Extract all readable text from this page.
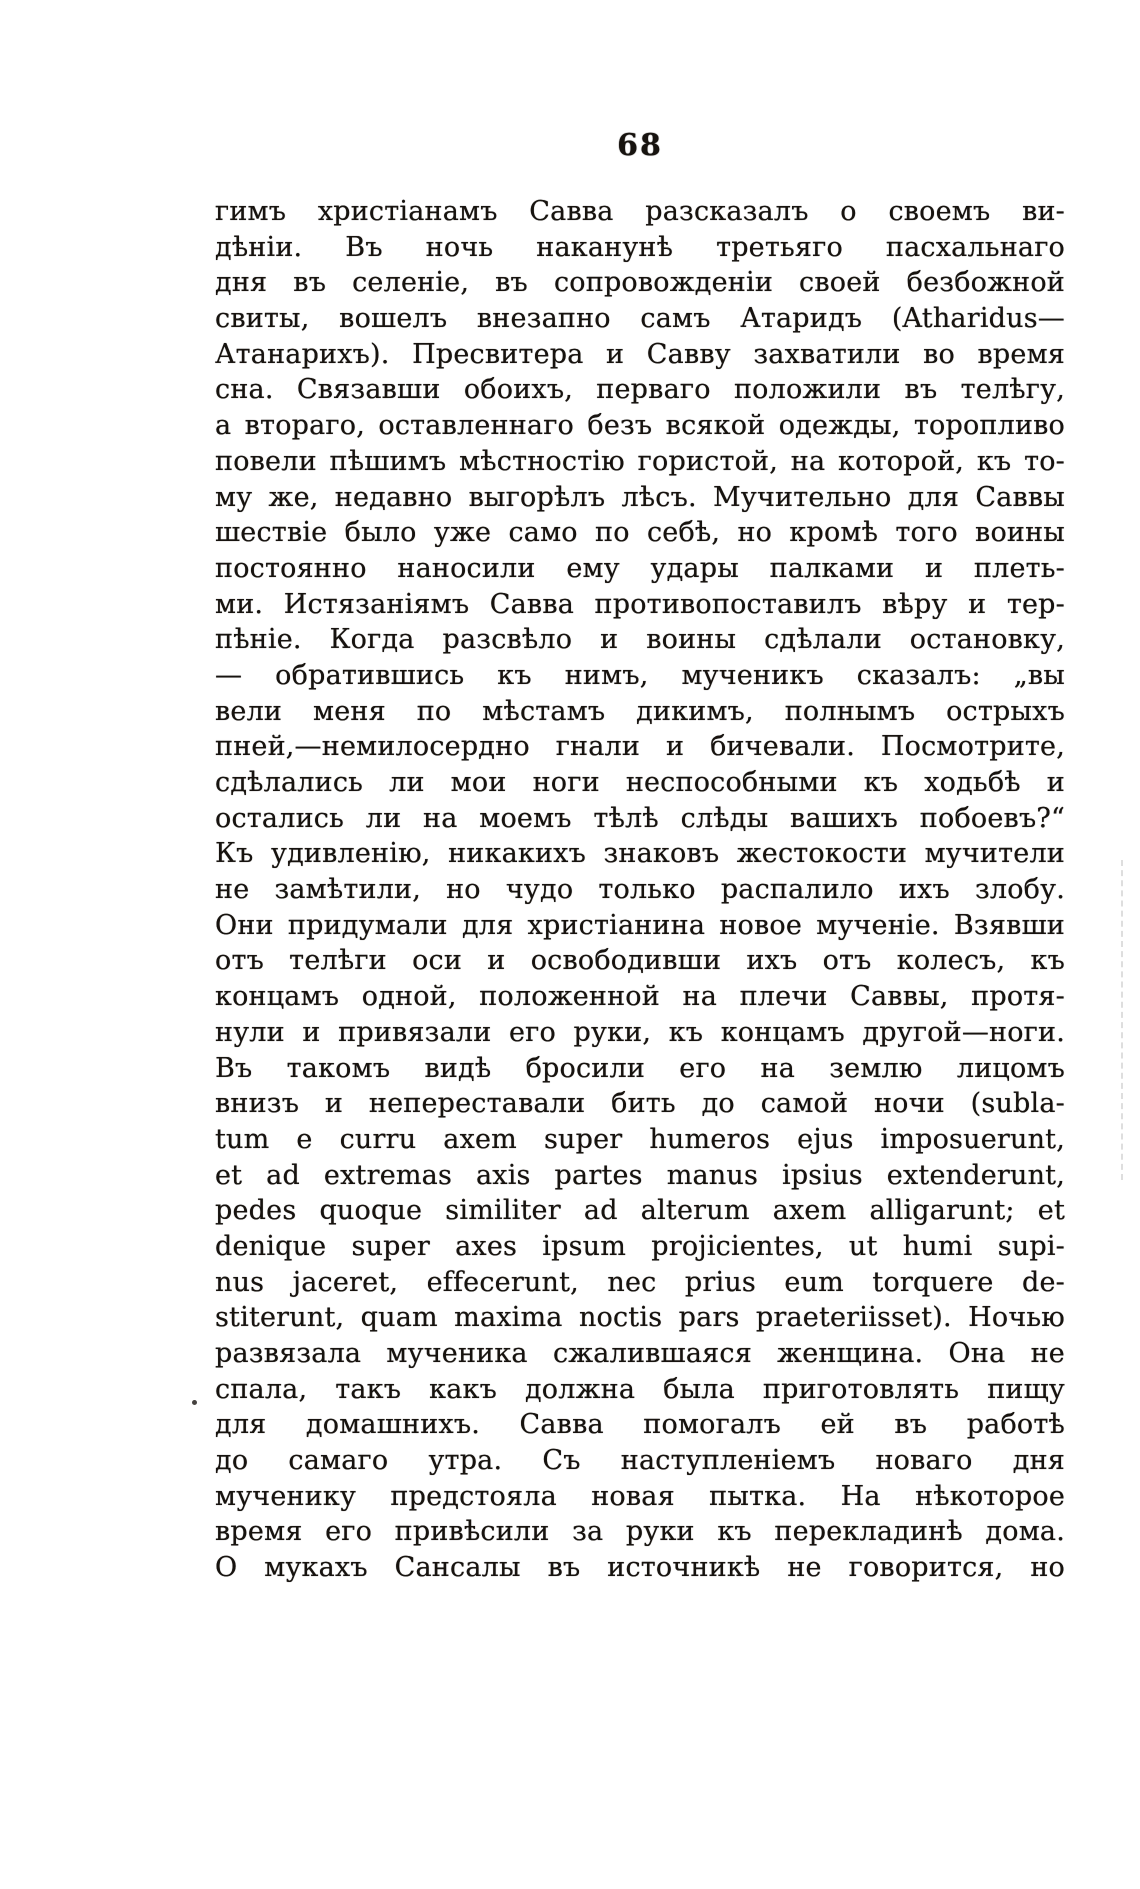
68
гимъ христіанамъ Савва разсказалъ о своемъ ви-
дѣніи. Въ ночь наканунѣ третьяго пасхальнаго
дня въ селеніе, въ сопровожденіи своей безбожной
свиты, вошелъ внезапно самъ Атаридъ (Atharidus—
Атанарихъ). Пресвитера и Савву захватили во время
сна. Связавши обоихъ, перваго положили въ телѣгу,
а втораго, оставленнаго безъ всякой одежды, торопливо
повели пѣшимъ мѣстностію гористой, на которой, къ то-
му же, недавно выгорѣлъ лѣсъ. Мучительно для Саввы
шествіе было уже само по себѣ, но кромѣ того воины
постоянно наносили ему удары палками и плеть-
ми. Истязаніямъ Савва противопоставилъ вѣру и тер-
пѣніе. Когда разсвѣло и воины сдѣлали остановку,
— обратившись къ нимъ, мученикъ сказалъ: „вы
вели меня по мѣстамъ дикимъ, полнымъ острыхъ
пней,—немилосердно гнали и бичевали. Посмотрите,
сдѣлались ли мои ноги неспособными къ ходьбѣ и
остались ли на моемъ тѣлѣ слѣды вашихъ побоевъ?“
Къ удивленію, никакихъ знаковъ жестокости мучители
не замѣтили, но чудо только распалило ихъ злобу.
Они придумали для христіанина новое мученіе. Взявши
отъ телѣги оси и освободивши ихъ отъ колесъ, къ
концамъ одной, положенной на плечи Саввы, протя-
нули и привязали его руки, къ концамъ другой—ноги.
Въ такомъ видѣ бросили его на землю лицомъ
внизъ и непереставали бить до самой ночи (subla-
tum e curru axem super humeros ejus imposuerunt,
et ad extremas axis partes manus ipsius extenderunt,
pedes quoque similiter ad alterum axem alligarunt; et
denique super axes ipsum projicientes, ut humi supi-
nus jaceret, effecerunt, nec prius eum torquere de-
stiterunt, quam maxima noctis pars praeteriisset). Ночью
развязала мученика сжалившаяся женщина. Она не
спала, такъ какъ должна была приготовлять пищу
для домашнихъ. Савва помогалъ ей въ работѣ
до самаго утра. Съ наступленіемъ новаго дня
мученику предстояла новая пытка. На нѣкоторое
время его привѣсили за руки къ перекладинѣ дома.
О мукахъ Сансалы въ источникѣ не говорится, но
